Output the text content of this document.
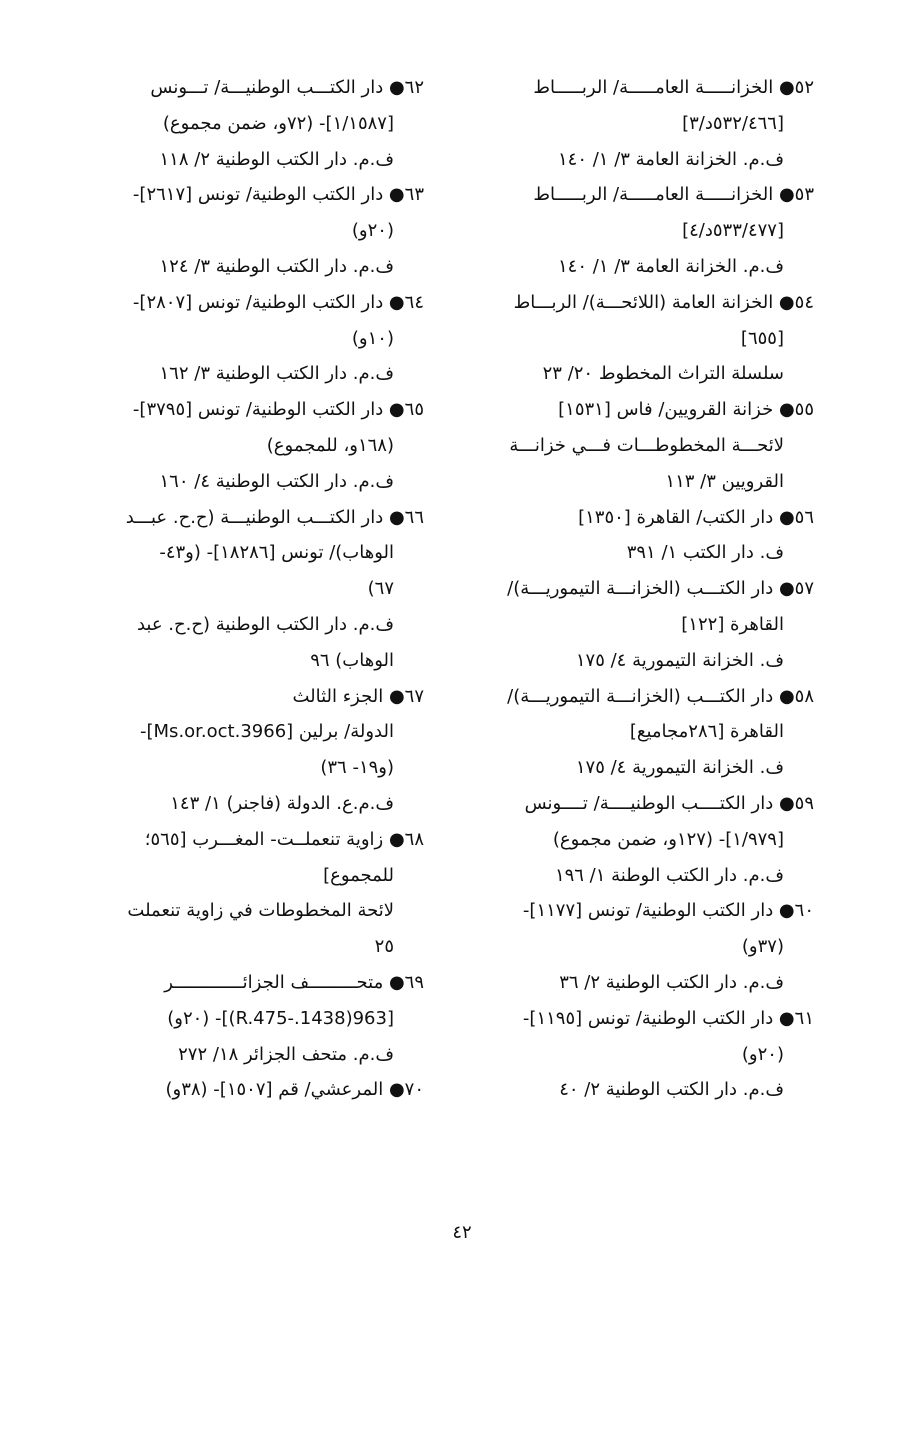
٥٢● الخزانـــــة العامـــــة/ الربـــــاط
[٥٣٢/٤٦٦د/٣]
ف.م. الخزانة العامة ٣/ ١/ ١٤٠
٥٣● الخزانـــــة العامـــــة/ الربـــــاط
[٥٣٣/٤٧٧د/٤]
ف.م. الخزانة العامة ٣/ ١/ ١٤٠
٥٤● الخزانة العامة (اللائحـــة)/ الربـــاط
[٦٥٥]
سلسلة التراث المخطوط ٢٠/ ٢٣
٥٥● خزانة القرويين/ فاس [١٥٣١]
لائحـــة المخطوطـــات فـــي خزانـــة
القرويين ٣/ ١١٣
٥٦● دار الكتب/ القاهرة [١٣٥٠]
ف. دار الكتب ١/ ٣٩١
٥٧● دار الكتـــب (الخزانـــة التيموريـــة)/
القاهرة [١٢٢]
ف. الخزانة التيمورية ٤/ ١٧٥
٥٨● دار الكتـــب (الخزانـــة التيموريـــة)/
القاهرة [٢٨٦مجاميع]
ف. الخزانة التيمورية ٤/ ١٧٥
٥٩● دار الكتــــب الوطنيــــة/ تــــونس
[١/٩٧٩]- (١٢٧و، ضمن مجموع)
ف.م. دار الكتب الوطنة ١/ ١٩٦
٦٠● دار الكتب الوطنية/ تونس [١١٧٧]-
(٣٧و)
ف.م. دار الكتب الوطنية ٢/ ٣٦
٦١● دار الكتب الوطنية/ تونس [١١٩٥]-
(٢٠و)
ف.م. دار الكتب الوطنية ٢/ ٤٠
٦٢● دار الكتـــب الوطنيـــة/ تـــونس
[١/١٥٨٧]- (٧٢و، ضمن مجموع)
ف.م. دار الكتب الوطنية ٢/ ١١٨
٦٣● دار الكتب الوطنية/ تونس [٢٦١٧]-
(٢٠و)
ف.م. دار الكتب الوطنية ٣/ ١٢٤
٦٤● دار الكتب الوطنية/ تونس [٢٨٠٧]-
(١٠و)
ف.م. دار الكتب الوطنية ٣/ ١٦٢
٦٥● دار الكتب الوطنية/ تونس [٣٧٩٥]-
(١٦٨و، للمجموع)
ف.م. دار الكتب الوطنية ٤/ ١٦٠
٦٦● دار الكتـــب الوطنيـــة (ح.ح. عبـــد
الوهاب)/ تونس [١٨٢٨٦]- (و٤٣-
٦٧)
ف.م. دار الكتب الوطنية (ح.ح. عبد
الوهاب) ٩٦
٦٧● الجزء الثالث
الدولة/ برلين [Ms.or.oct.3966]-
(و١٩- ٣٦)
ف.م.ع. الدولة (فاجنر) ١/ ١٤٣
٦٨● زاوية تنعملــت- المغـــرب [٥٦٥؛
للمجموع]
لائحة المخطوطات في زاوية تنعملت
٢٥
٦٩● متحـــــــــف الجزائـــــــــــــر
[963(1438.-R.475)]- (٢٠و)
ف.م. متحف الجزائر ١٨/ ٢٧٢
٧٠● المرعشي/ قم [١٥٠٧]- (٣٨و)
٤٢
